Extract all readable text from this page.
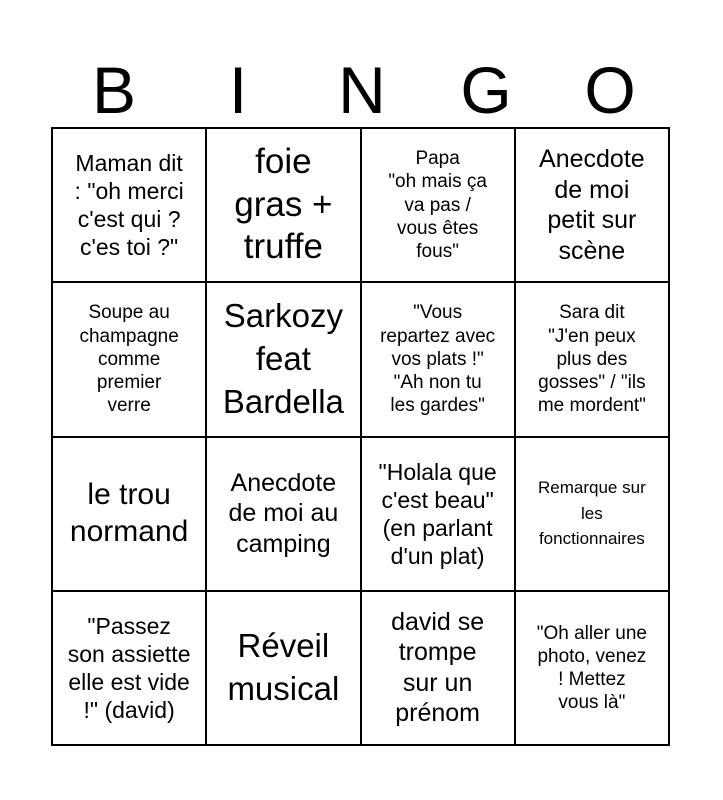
B	I	N	G	O
Maman dit
: "oh merci
c'est qui ?
c'es toi ?"
foie
gras +
truffe
Papa
"oh mais ça
va pas /
vous êtes
fous"
Anecdote
de moi
petit sur
scène
Soupe au
champagne
comme
premier
verre
Sarkozy
feat
Bardella
"Vous
repartez avec
vos plats !"
"Ah non tu
les gardes"
Sara dit
"J'en peux
plus des
gosses" / "ils
me mordent"
le trou
normand
Anecdote
de moi au
camping
"Holala que
c'est beau"
(en parlant
d'un plat)
Remarque sur
les
fonctionnaires
"Passez
son assiette
elle est vide
!" (david)
Réveil
musical
david se
trompe
sur un
prénom
"Oh aller une
photo, venez
! Mettez
vous là"
